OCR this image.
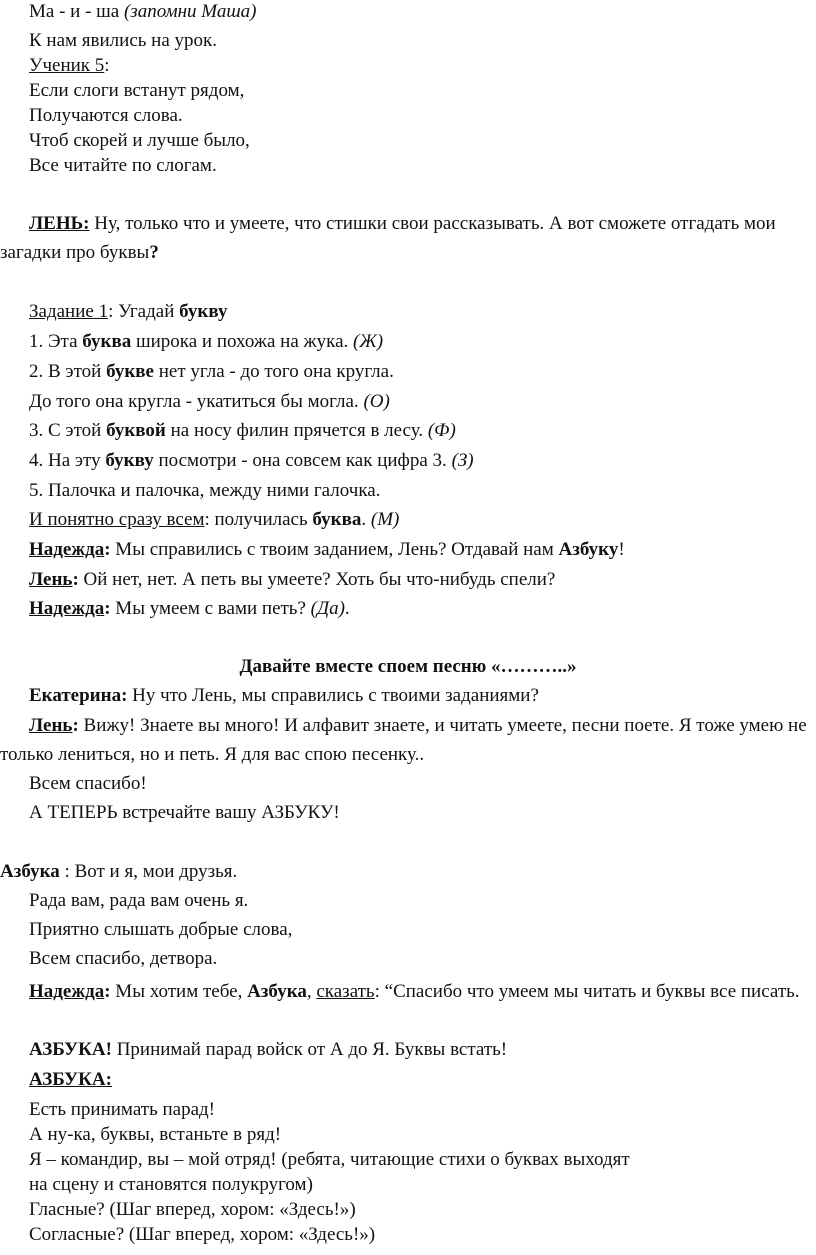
Ма - и - ша (запомни Маша)
К нам явились на урок.
Ученик 5:
Если слоги встанут рядом,
Получаются слова.
Чтоб скорей и лучше было,
Все читайте по слогам.
ЛЕНЬ: Ну, только что и умеете, что стишки свои рассказывать. А вот сможете отгадать мои загадки про буквы?
Задание 1: Угадай букву
1. Эта буква широка и похожа на жука. (Ж)
2. В этой букве нет угла - до того она кругла.
До того она кругла - укатиться бы могла. (О)
3. С этой буквой на носу филин прячется в лесу. (Ф)
4. На эту букву посмотри - она совсем как цифра 3. (З)
5. Палочка и палочка, между ними галочка.
И понятно сразу всем: получилась буква. (М)
Надежда: Мы справились с твоим заданием, Лень? Отдавай нам Азбуку!
Лень: Ой нет, нет. А петь вы умеете? Хоть бы что-нибудь спели?
Надежда: Мы умеем с вами петь? (Да).
Давайте вместе споем песню «………..»
Екатерина: Ну что Лень, мы справились с твоими заданиями?
Лень: Вижу! Знаете вы много! И алфавит знаете, и читать умеете, песни поете. Я тоже умею не только лениться, но и петь. Я для вас спою песенку..
Всем спасибо!
А ТЕПЕРЬ встречайте вашу АЗБУКУ!
Азбука : Вот и я, мои друзья.
Рада вам, рада вам очень я.
Приятно слышать добрые слова,
Всем спасибо, детвора.
Надежда: Мы хотим тебе, Азбука, сказать: “Спасибо что умеем мы читать и буквы все писать.
АЗБУКА! Принимай парад войск от А до Я. Буквы встать!
АЗБУКА:
Есть принимать парад!
А ну-ка, буквы, встаньте в ряд!
Я – командир, вы – мой отряд! (ребята, читающие стихи о буквах выходят
на сцену и становятся полукругом)
Гласные? (Шаг вперед, хором: «Здесь!»)
Согласные? (Шаг вперед, хором: «Здесь!»)
